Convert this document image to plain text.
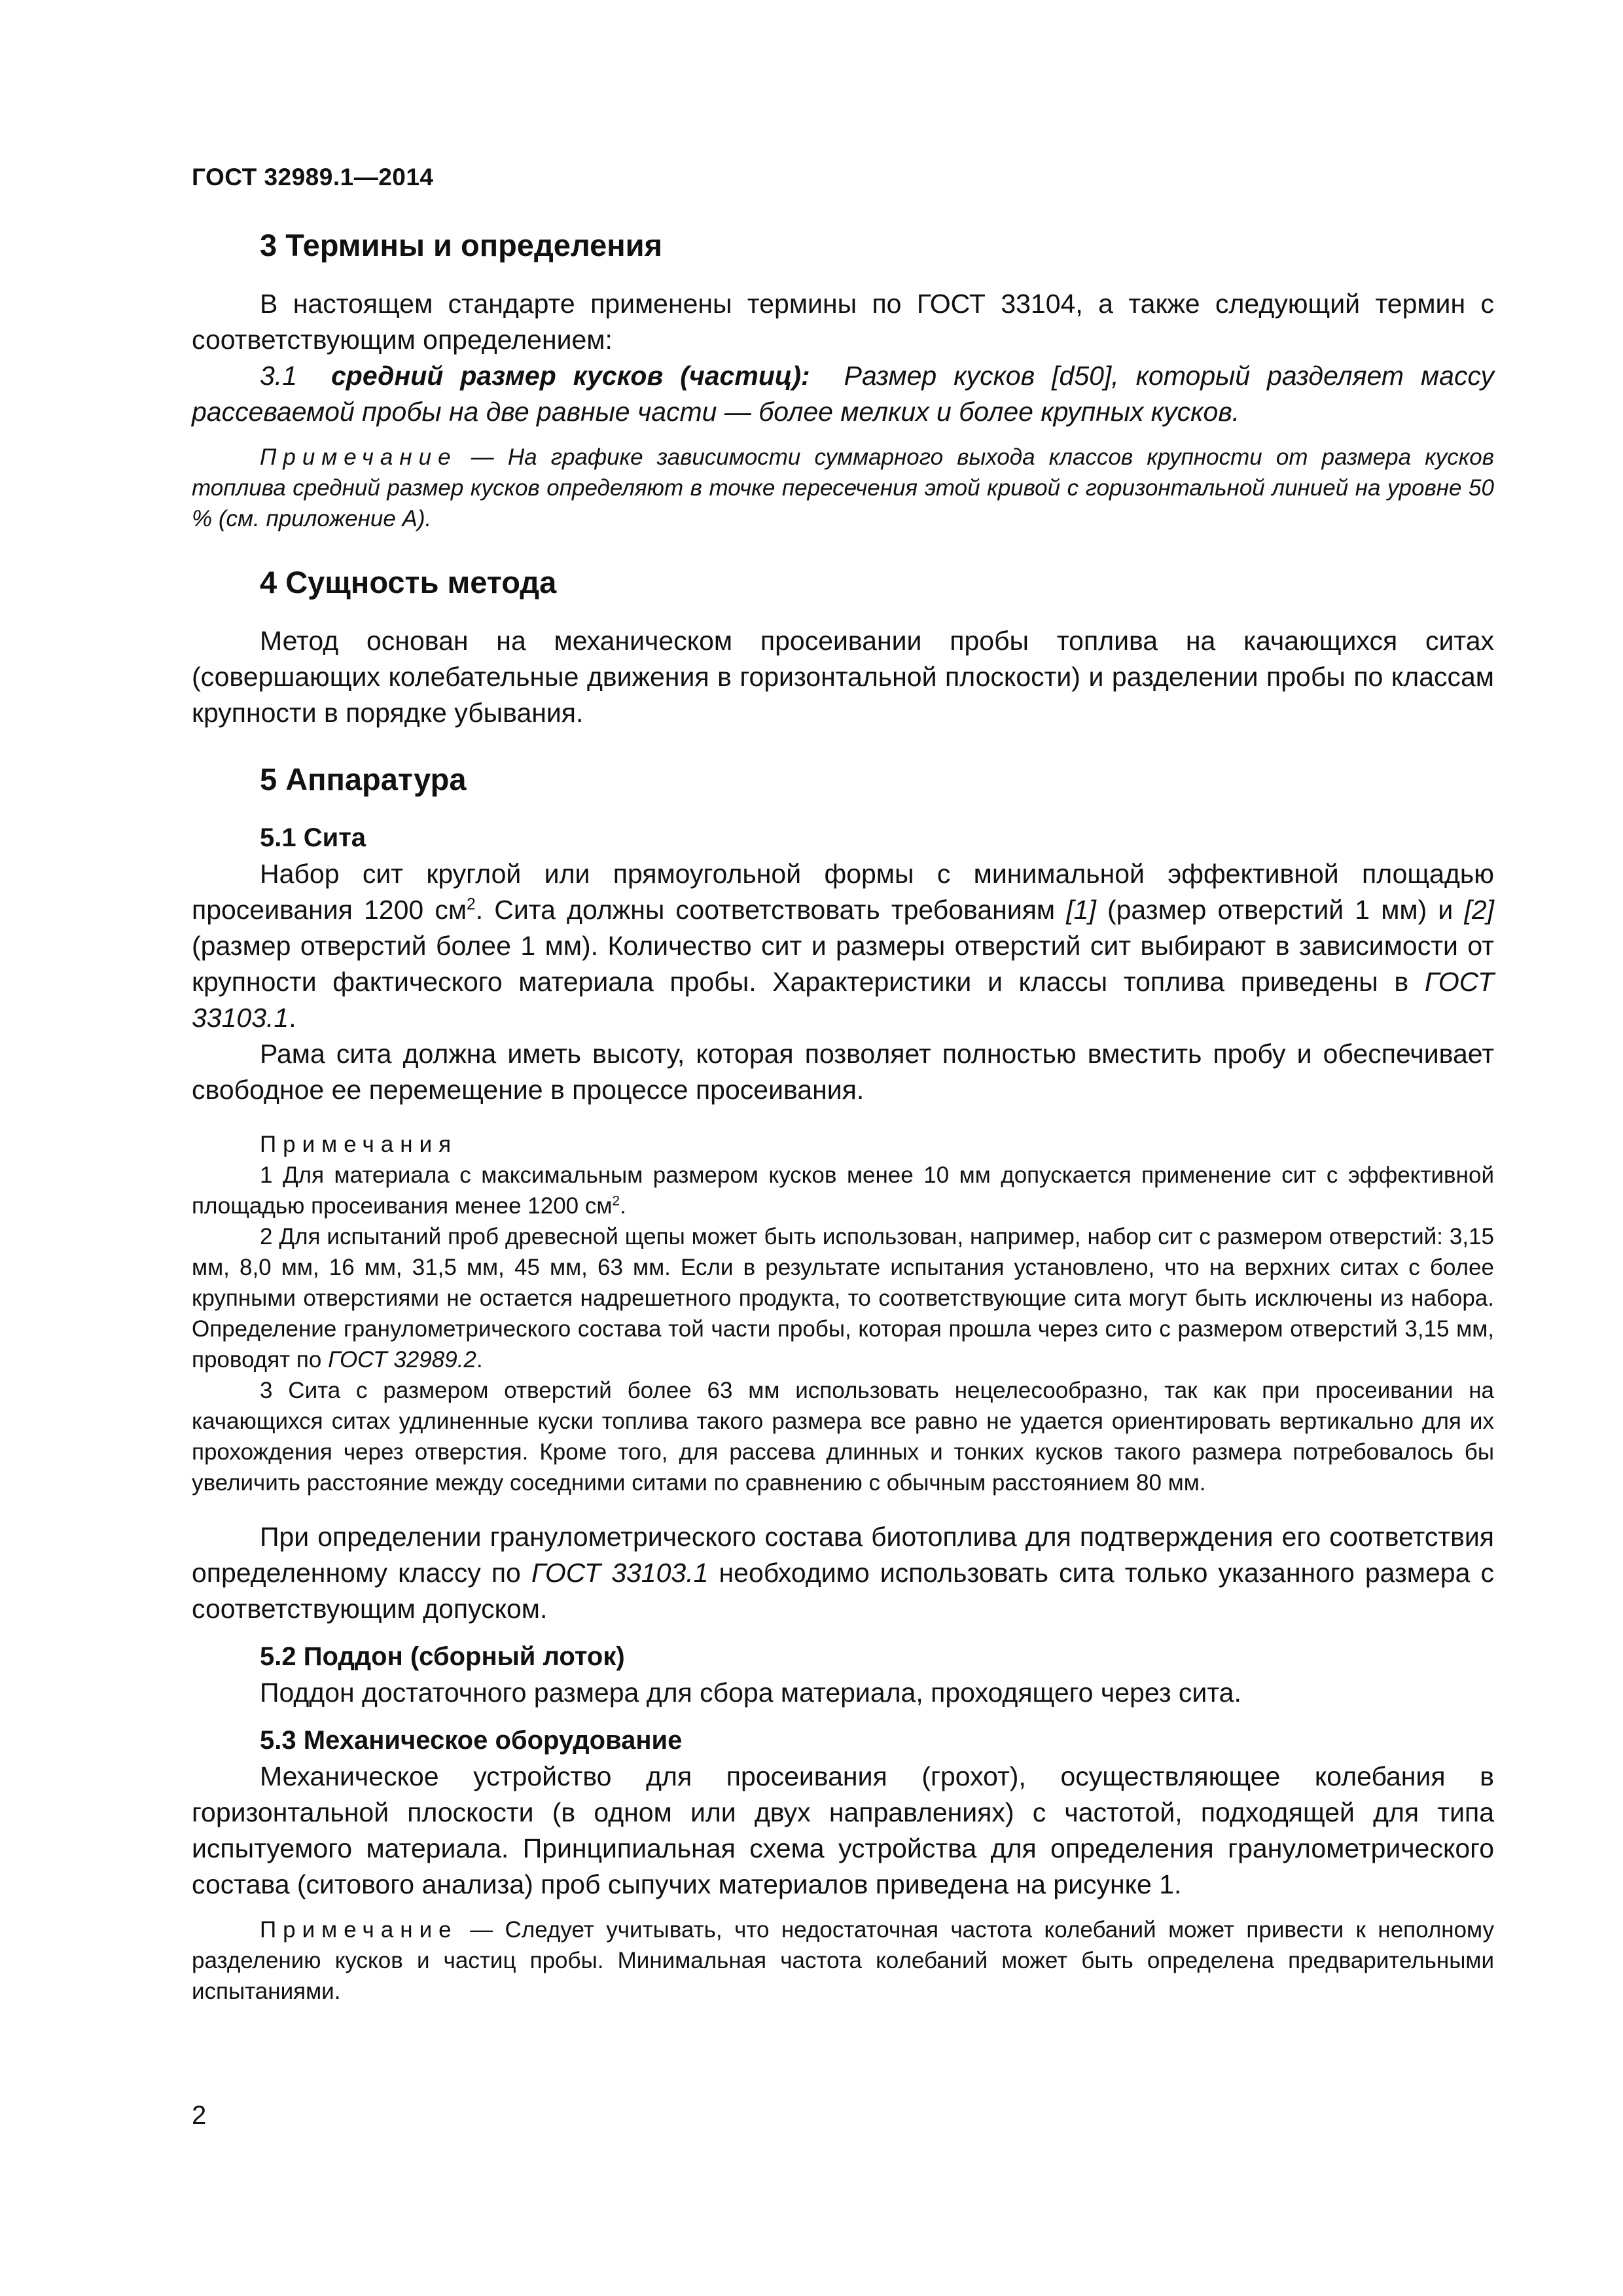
ГОСТ 32989.1—2014
3 Термины и определения

В настоящем стандарте применены термины по ГОСТ 33104, а также следующий термин с соответствующим определением:

3.1 средний размер кусков (частиц): Размер кусков [d50], который разделяет массу рассеваемой пробы на две равные части — более мелких и более крупных кусков.

Примечание — На графике зависимости суммарного выхода классов крупности от размера кусков топлива средний размер кусков определяют в точке пересечения этой кривой с горизонтальной линией на уровне 50 % (см. приложение А).

4 Сущность метода

Метод основан на механическом просеивании пробы топлива на качающихся ситах (совершающих колебательные движения в горизонтальной плоскости) и разделении пробы по классам крупности в порядке убывания.

5 Аппаратура
5.1 Сита

Набор сит круглой или прямоугольной формы с минимальной эффективной площадью просеивания 1200 $см^2$. Сита должны соответствовать требованиям [1] (размер отверстий 1 мм) и [2] (размер отверстий более 1 мм). Количество сит и размеры отверстий сит выбирают в зависимости от крупности фактического материала пробы. Характеристики и классы топлива приведены в ГОСТ 33103.1.

Рама сита должна иметь высоту, которая позволяет полностью вместить пробу и обеспечивает свободное ее перемещение в процессе просеивания.

Примечания

1 Для материала с максимальным размером кусков менее 10 мм допускается применение сит с эффективной площадью просеивания менее 1200 $см^2$.

2 Для испытаний проб древесной щепы может быть использован, например, набор сит с размером отверстий: 3,15 мм, 8,0 мм, 16 мм, 31,5 мм, 45 мм, 63 мм. Если в результате испытания установлено, что на верхних ситах с более крупными отверстиями не остается надрешетного продукта, то соответствующие сита могут быть исключены из набора. Определение гранулометрического состава той части пробы, которая прошла через сито с размером отверстий 3,15 мм, проводят по ГОСТ 32989.2.

3 Сита с размером отверстий более 63 мм использовать нецелесообразно, так как при просеивании на качающихся ситах удлиненные куски топлива такого размера все равно не удается ориентировать вертикально для их прохождения через отверстия. Кроме того, для рассева длинных и тонких кусков такого размера потребовалось бы увеличить расстояние между соседними ситами по сравнению с обычным расстоянием 80 мм.

При определении гранулометрического состава биотоплива для подтверждения его соответствия определенному классу по ГОСТ 33103.1 необходимо использовать сита только указанного размера с соответствующим допуском.

5.2 Поддон (сборный лоток)

Поддон достаточного размера для сбора материала, проходящего через сита.

5.3 Механическое оборудование

Механическое устройство для просеивания (грохот), осуществляющее колебания в горизонтальной плоскости (в одном или двух направлениях) с частотой, подходящей для типа испытуемого материала. Принципиальная схема устройства для определения гранулометрического состава (ситового анализа) проб сыпучих материалов приведена на рисунке 1.

Примечание — Следует учитывать, что недостаточная частота колебаний может привести к неполному разделению кусков и частиц пробы. Минимальная частота колебаний может быть определена предварительными испытаниями.

2
